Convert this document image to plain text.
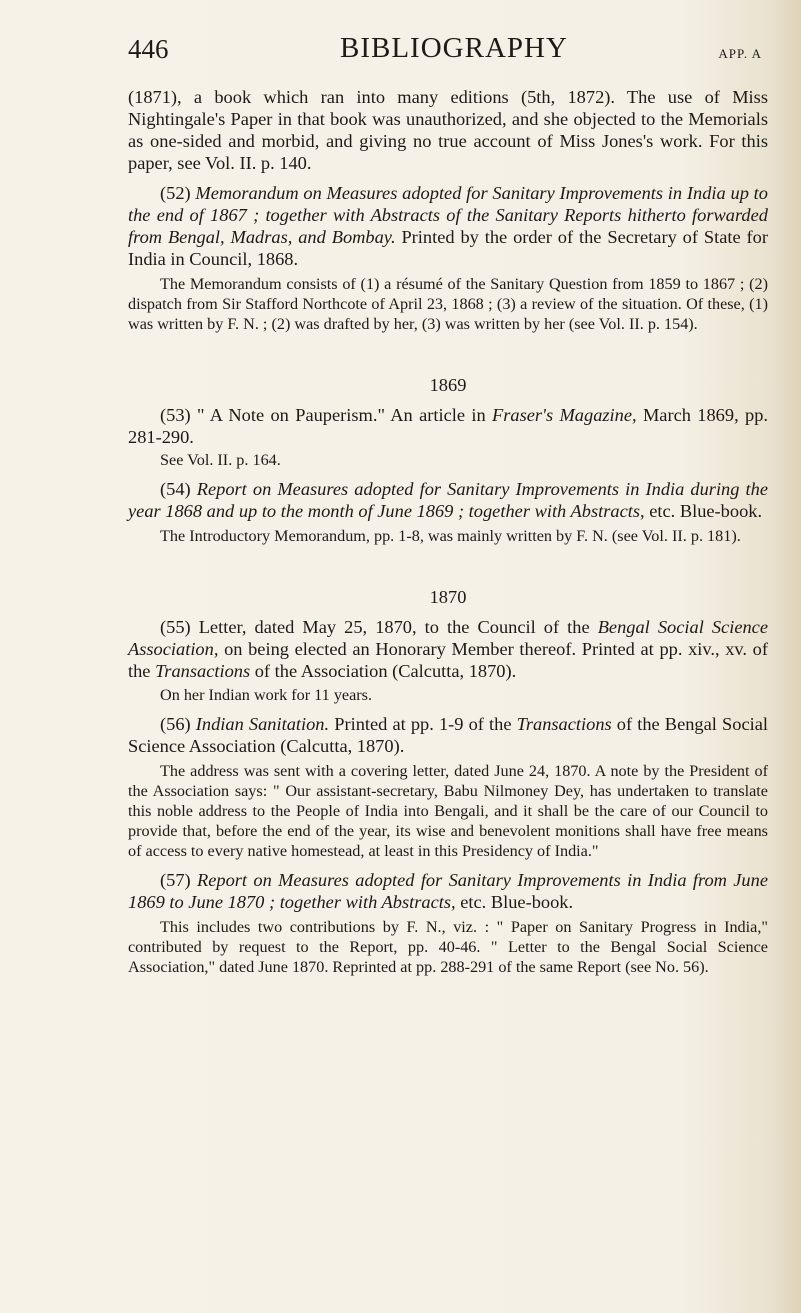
446	BIBLIOGRAPHY	APP. A

(1871), a book which ran into many editions (5th, 1872). The use of Miss Nightingale's Paper in that book was unauthorized, and she objected to the Memorials as one-sided and morbid, and giving no true account of Miss Jones's work. For this paper, see Vol. II. p. 140.

(52) Memorandum on Measures adopted for Sanitary Improvements in India up to the end of 1867 ; together with Abstracts of the Sanitary Reports hitherto forwarded from Bengal, Madras, and Bombay. Printed by the order of the Secretary of State for India in Council, 1868.

The Memorandum consists of (1) a résumé of the Sanitary Question from 1859 to 1867 ; (2) dispatch from Sir Stafford Northcote of April 23, 1868 ; (3) a review of the situation. Of these, (1) was written by F. N. ; (2) was drafted by her, (3) was written by her (see Vol. II. p. 154).

1869

(53) " A Note on Pauperism." An article in Fraser's Magazine, March 1869, pp. 281-290.

See Vol. II. p. 164.

(54) Report on Measures adopted for Sanitary Improvements in India during the year 1868 and up to the month of June 1869 ; together with Abstracts, etc. Blue-book.

The Introductory Memorandum, pp. 1-8, was mainly written by F. N. (see Vol. II. p. 181).

1870

(55) Letter, dated May 25, 1870, to the Council of the Bengal Social Science Association, on being elected an Honorary Member thereof. Printed at pp. xiv., xv. of the Transactions of the Association (Calcutta, 1870).

On her Indian work for 11 years.

(56) Indian Sanitation. Printed at pp. 1-9 of the Transactions of the Bengal Social Science Association (Calcutta, 1870).

The address was sent with a covering letter, dated June 24, 1870. A note by the President of the Association says: " Our assistant-secretary, Babu Nilmoney Dey, has undertaken to translate this noble address to the People of India into Bengali, and it shall be the care of our Council to provide that, before the end of the year, its wise and benevolent monitions shall have free means of access to every native homestead, at least in this Presidency of India."

(57) Report on Measures adopted for Sanitary Improvements in India from June 1869 to June 1870 ; together with Abstracts, etc. Blue-book.

This includes two contributions by F. N., viz. : " Paper on Sanitary Progress in India," contributed by request to the Report, pp. 40-46. " Letter to the Bengal Social Science Association," dated June 1870. Reprinted at pp. 288-291 of the same Report (see No. 56).
